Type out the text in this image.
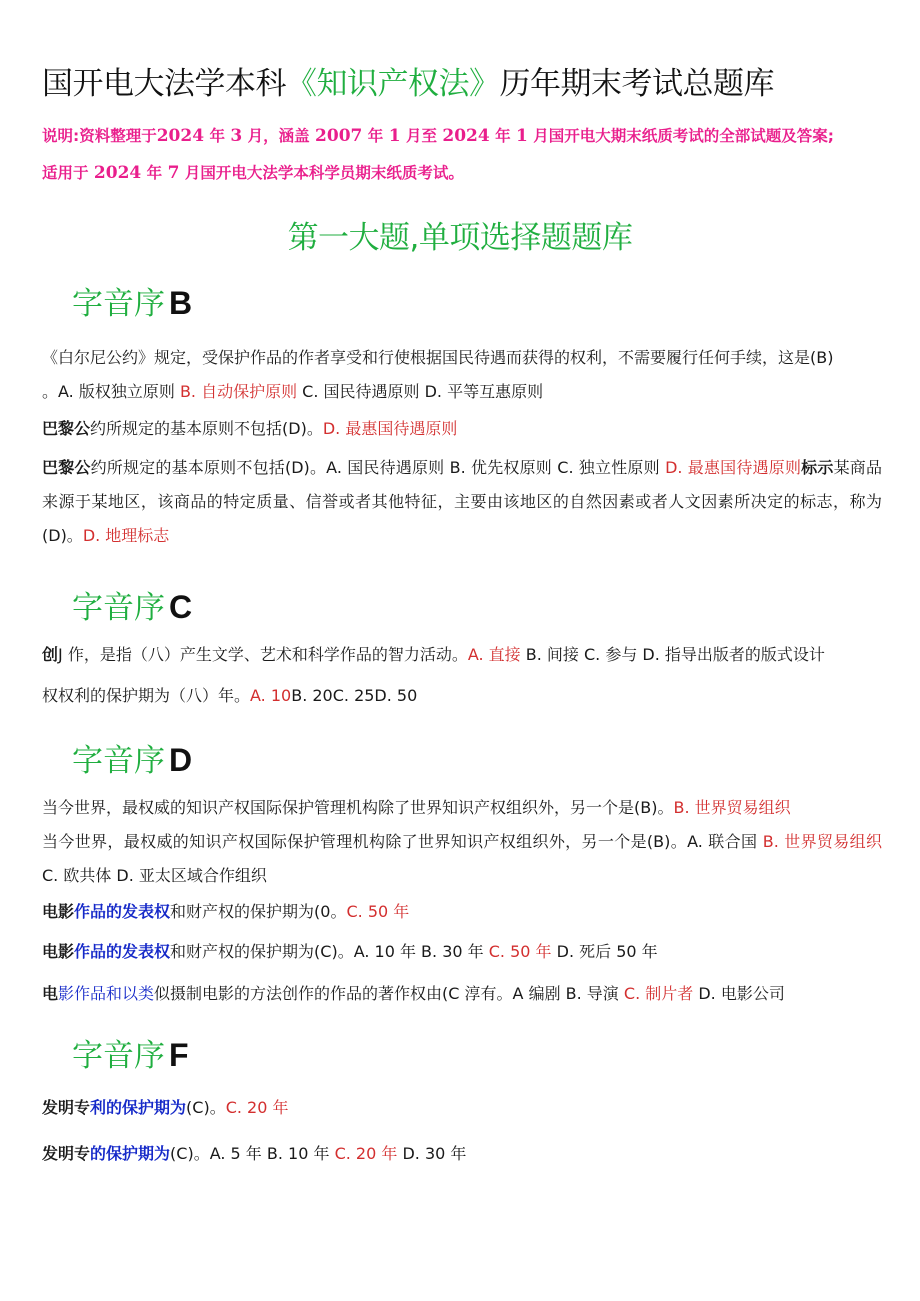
国开电大法学本科《知识产权法》历年期末考试总题库
说明:资料整理于2024 年 3 月，涵盖 2007 年 1 月至 2024 年 1 月国开电大期末纸质考试的全部试题及答案;
适用于 2024 年 7 月国开电大法学本科学员期末纸质考试。
第一大题,单项选择题题库
字音序 B
《白尔尼公约》规定，受保护作品的作者享受和行使根据国民待遇而获得的权利，不需要履行任何手续，这是(B)
。A. 版权独立原则 B. 自动保护原则 C. 国民待遇原则 D. 平等互惠原则
巴黎公约所规定的基本原则不包括(D)。D. 最惠国待遇原则
巴黎公约所规定的基本原则不包括(D)。A. 国民待遇原则 B. 优先权原则 C. 独立性原则 D. 最惠国待遇原则标示某商品来源于某地区，该商品的特定质量、信誉或者其他特征，主要由该地区的自然因素或者人文因素所决定的标志，称为(D)。D. 地理标志
字音序 C
创J 作，是指（八）产生文学、艺术和科学作品的智力活动。A. 直接 B. 间接 C. 参与 D. 指导出版者的版式设计
权权利的保护期为（八）年。A. 10B. 20C. 25D. 50
字音序 D
当今世界，最权威的知识产权国际保护管理机构除了世界知识产权组织外，另一个是(B)。B. 世界贸易组织
当今世界，最权威的知识产权国际保护管理机构除了世界知识产权组织外，另一个是(B)。A. 联合国 B. 世界贸易组织 C. 欧共体 D. 亚太区域合作组织
电影作品的发表权和财产权的保护期为(0。C. 50 年
电影作品的发表权和财产权的保护期为(C)。A. 10 年 B. 30 年 C. 50 年 D. 死后 50 年
电影作品和以类似摄制电影的方法创作的作品的著作权由(C 淳有。A 编剧 B. 导演 C. 制片者 D. 电影公司
字音序 F
发明专利的保护期为(C)。C. 20 年
发明专的保护期为(C)。A. 5 年 B. 10 年 C. 20 年 D. 30 年
